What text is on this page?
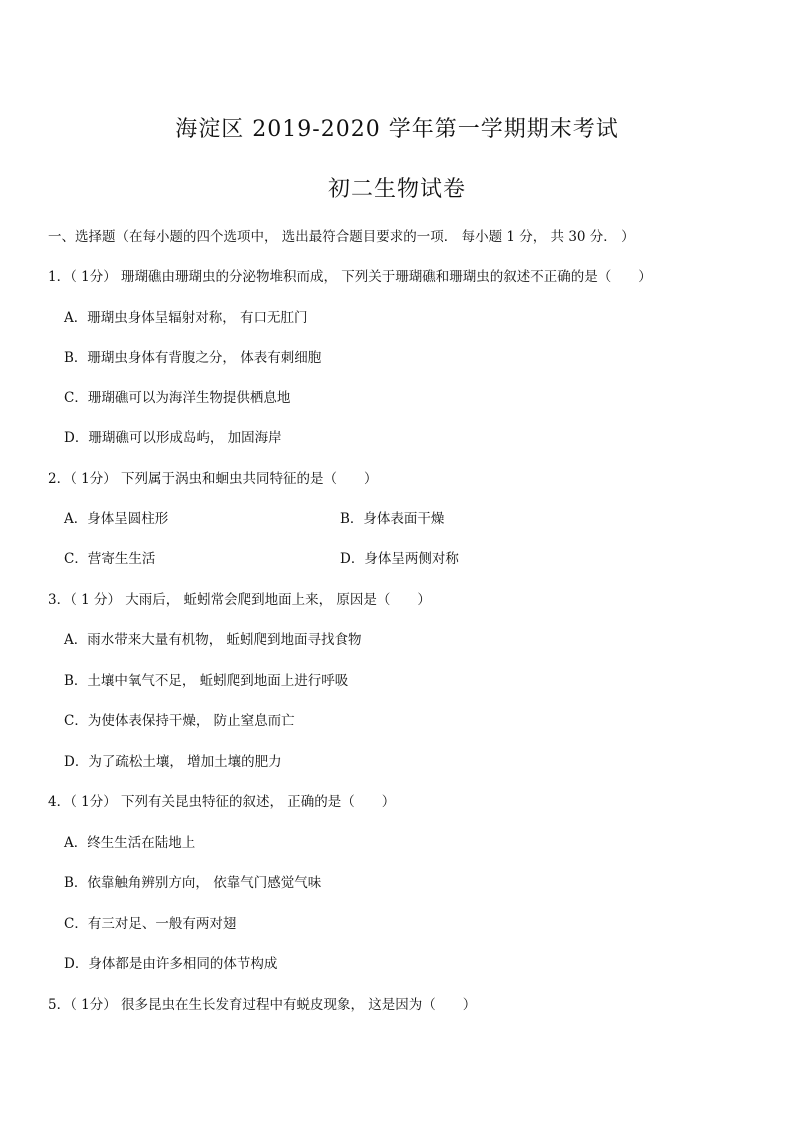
海淀区 2019-2020 学年第一学期期末考试
初二生物试卷
一、选择题（在每小题的四个选项中， 选出最符合题目要求的一项． 每小题 1 分， 共 30 分． ）
1．（ 1分） 珊瑚礁由珊瑚虫的分泌物堆积而成， 下列关于珊瑚礁和珊瑚虫的叙述不正确的是（　　）
A．珊瑚虫身体呈辐射对称， 有口无肛门
B．珊瑚虫身体有背腹之分， 体表有刺细胞
C．珊瑚礁可以为海洋生物提供栖息地
D．珊瑚礁可以形成岛屿， 加固海岸
2．（ 1分） 下列属于涡虫和蛔虫共同特征的是（　　）
A．身体呈圆柱形	B．身体表面干燥
C．营寄生生活	D．身体呈两侧对称
3．（ 1 分） 大雨后， 蚯蚓常会爬到地面上来， 原因是（　　）
A．雨水带来大量有机物， 蚯蚓爬到地面寻找食物
B．土壤中氧气不足， 蚯蚓爬到地面上进行呼吸
C．为使体表保持干燥， 防止窒息而亡
D．为了疏松土壤， 增加土壤的肥力
4．（ 1分） 下列有关昆虫特征的叙述， 正确的是（　　）
A．终生生活在陆地上
B．依靠触角辨别方向， 依靠气门感觉气味
C．有三对足、一般有两对翅
D．身体都是由许多相同的体节构成
5．（ 1分） 很多昆虫在生长发育过程中有蜕皮现象， 这是因为（　　）
